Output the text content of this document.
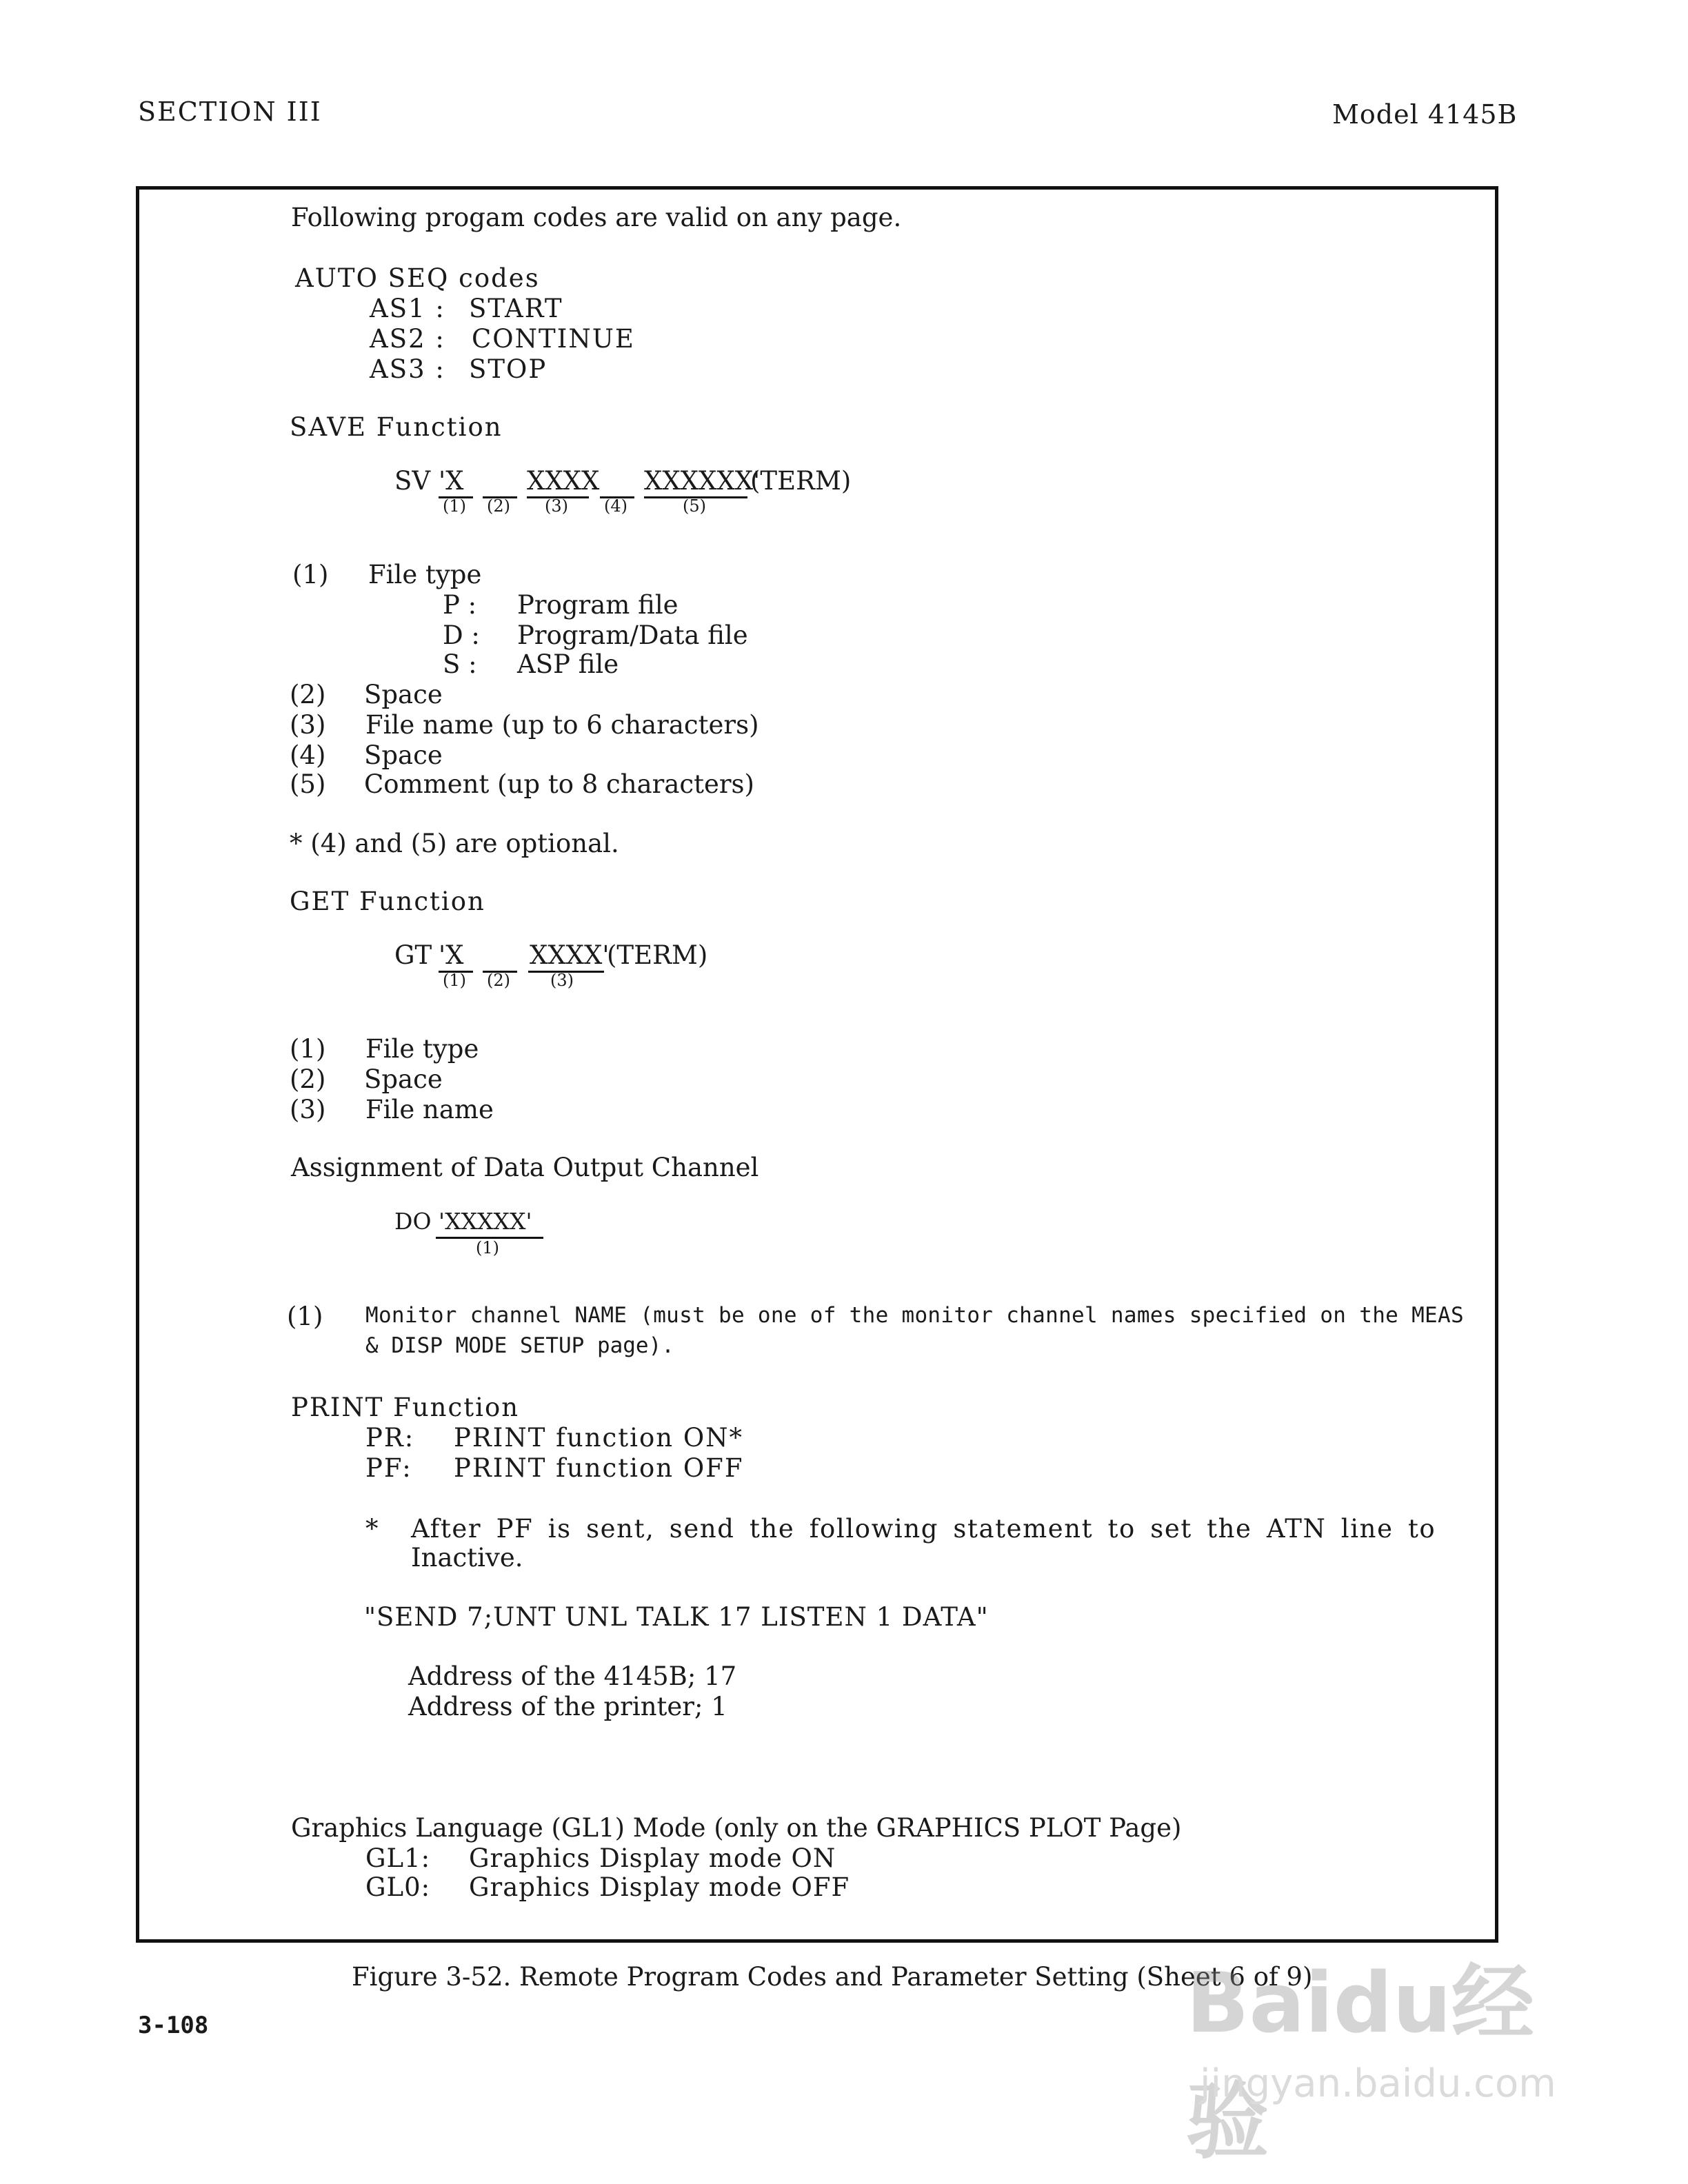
SECTION III	Model 4145B
Following progam codes are valid on any page.
AUTO SEQ codes
AS1 : START
AS2 : CONTINUE
AS3 : STOP
SAVE Function
SV 'X XXXX XXXXXX'
(TERM)
(1) (2) (3) (4)	(5)
(1) File type
P : Program file
D : Program/Data file
S : ASP file
(2) Space
(3) File name (up to 6 characters)
(4) Space
(5) Comment (up to 8 characters)
* (4) and (5) are optional.
GET Function
GT 'X	XXXX'
(TERM)
(1) (2) (3)
(1) File type
(2) Space
(3) File name
Assignment of Data Output Channel
DO 'XXXXX'
(1)
(1) Monitor channel NAME (must be one of the monitor channel names specified on the MEAS
& DISP MODE SETUP page).
PRINT Function
PR: PRINT function ON*
PF: PRINT function OFF
* After PF is sent, send the following statement to set the ATN line to
Inactive.
"SEND 7;UNT UNL TALK 17 LISTEN 1 DATA"
Address of the 4145B; 17
Address of the printer; 1
Graphics Language (GL1) Mode (only on the GRAPHICS PLOT Page)
GL1: Graphics Display mode ON
GL0: Graphics Display mode OFF
Figure 3-52. Remote Program Codes and Parameter Setting (Sheet 6 of 9)
3-108	Baidu经验
jingyan.baidu.com
